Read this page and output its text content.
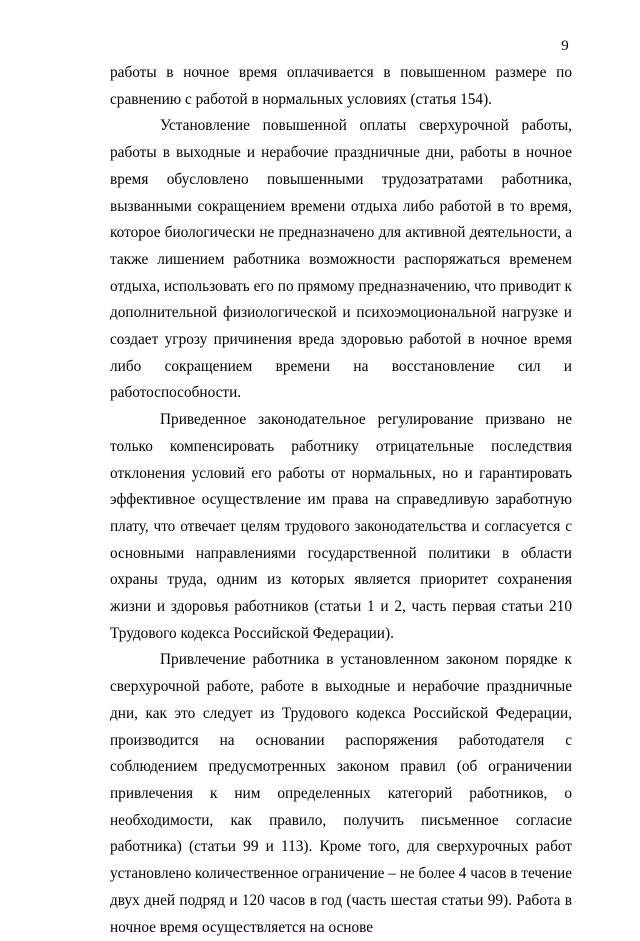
9

работы в ночное время оплачивается в повышенном размере по сравнению с работой в нормальных условиях (статья 154).

Установление повышенной оплаты сверхурочной работы, работы в выходные и нерабочие праздничные дни, работы в ночное время обусловлено повышенными трудозатратами работника, вызванными сокращением времени отдыха либо работой в то время, которое биологически не предназначено для активной деятельности, а также лишением работника возможности распоряжаться временем отдыха, использовать его по прямому предназначению, что приводит к дополнительной физиологической и психоэмоциональной нагрузке и создает угрозу причинения вреда здоровью работой в ночное время либо сокращением времени на восстановление сил и работоспособности.

Приведенное законодательное регулирование призвано не только компенсировать работнику отрицательные последствия отклонения условий его работы от нормальных, но и гарантировать эффективное осуществление им права на справедливую заработную плату, что отвечает целям трудового законодательства и согласуется с основными направлениями государственной политики в области охраны труда, одним из которых является приоритет сохранения жизни и здоровья работников (статьи 1 и 2, часть первая статьи 210 Трудового кодекса Российской Федерации).

Привлечение работника в установленном законом порядке к сверхурочной работе, работе в выходные и нерабочие праздничные дни, как это следует из Трудового кодекса Российской Федерации, производится на основании распоряжения работодателя с соблюдением предусмотренных законом правил (об ограничении привлечения к ним определенных категорий работников, о необходимости, как правило, получить письменное согласие работника) (статьи 99 и 113). Кроме того, для сверхурочных работ установлено количественное ограничение – не более 4 часов в течение двух дней подряд и 120 часов в год (часть шестая статьи 99). Работа в ночное время осуществляется на основе
